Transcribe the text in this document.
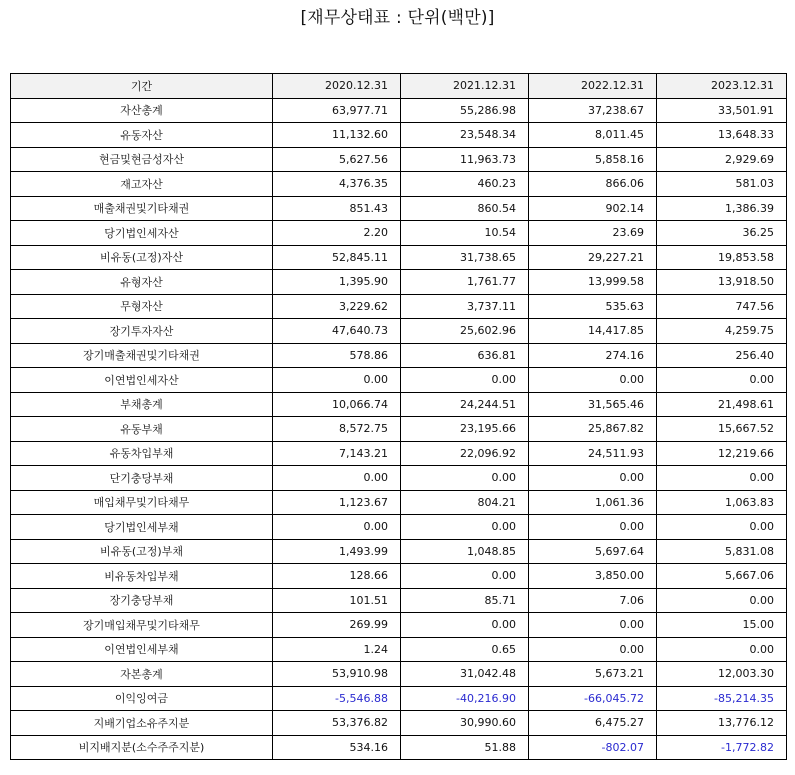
[재무상태표 : 단위(백만)]
기간	2020.12.31	2021.12.31	2022.12.31	2023.12.31
자산총계	63,977.71	55,286.98	37,238.67	33,501.91
유동자산	11,132.60	23,548.34	8,011.45	13,648.33
현금및현금성자산	5,627.56	11,963.73	5,858.16	2,929.69
재고자산	4,376.35	460.23	866.06	581.03
매출채권및기타채권	851.43	860.54	902.14	1,386.39
당기법인세자산	2.20	10.54	23.69	36.25
비유동(고정)자산	52,845.11	31,738.65	29,227.21	19,853.58
유형자산	1,395.90	1,761.77	13,999.58	13,918.50
무형자산	3,229.62	3,737.11	535.63	747.56
장기투자자산	47,640.73	25,602.96	14,417.85	4,259.75
장기매출채권및기타채권	578.86	636.81	274.16	256.40
이연법인세자산	0.00	0.00	0.00	0.00
부채총계	10,066.74	24,244.51	31,565.46	21,498.61
유동부채	8,572.75	23,195.66	25,867.82	15,667.52
유동차입부채	7,143.21	22,096.92	24,511.93	12,219.66
단기충당부채	0.00	0.00	0.00	0.00
매입채무및기타채무	1,123.67	804.21	1,061.36	1,063.83
당기법인세부채	0.00	0.00	0.00	0.00
비유동(고정)부채	1,493.99	1,048.85	5,697.64	5,831.08
비유동차입부채	128.66	0.00	3,850.00	5,667.06
장기충당부채	101.51	85.71	7.06	0.00
장기매입채무및기타채무	269.99	0.00	0.00	15.00
이연법인세부채	1.24	0.65	0.00	0.00
자본총계	53,910.98	31,042.48	5,673.21	12,003.30
이익잉여금	-5,546.88	-40,216.90	-66,045.72	-85,214.35
지배기업소유주지분	53,376.82	30,990.60	6,475.27	13,776.12
비지배지분(소수주주지분)	534.16	51.88	-802.07	-1,772.82
